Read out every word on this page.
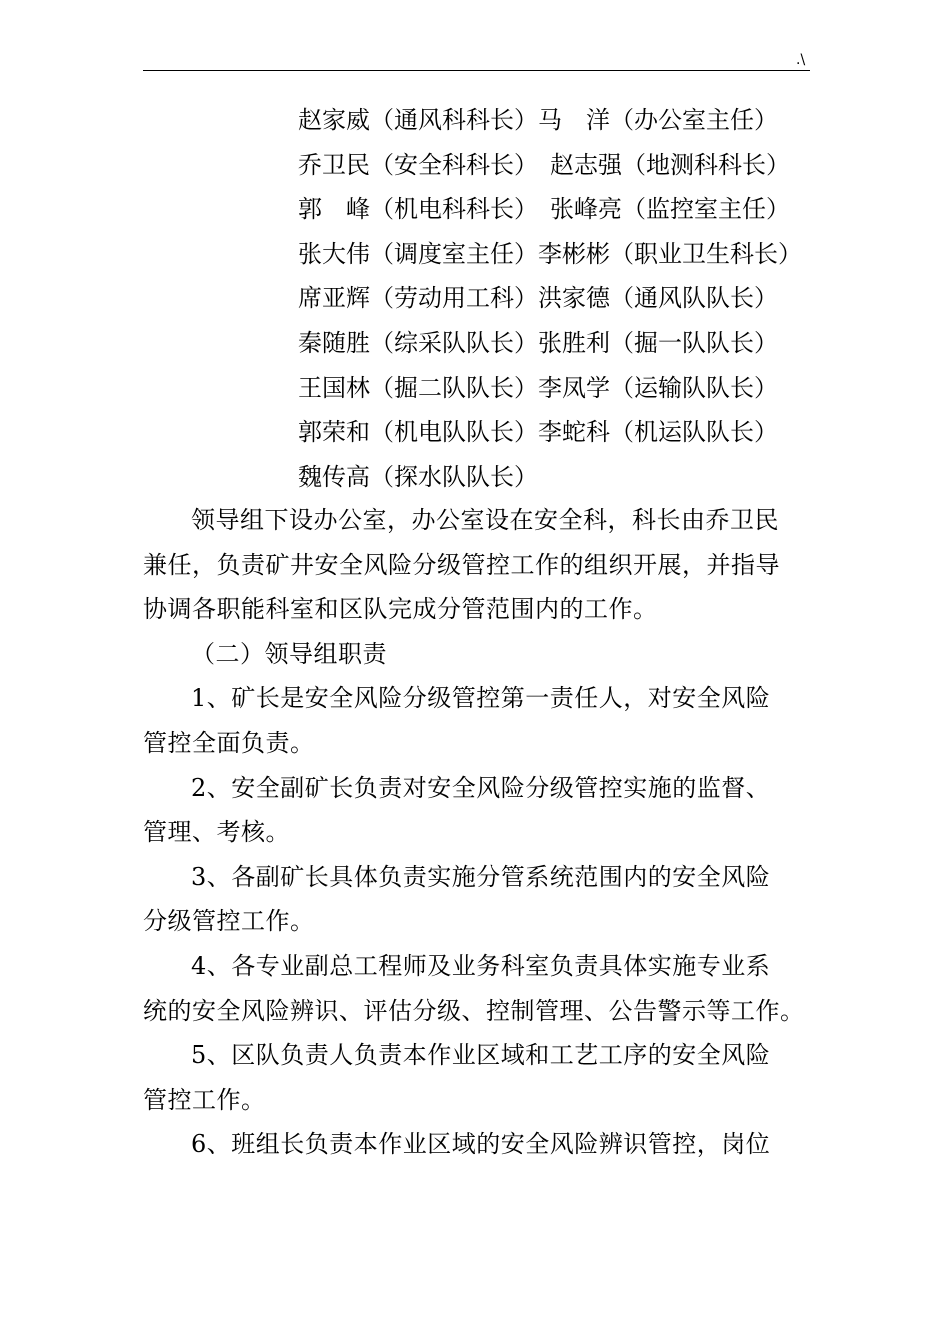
.\
赵家威（通风科科长）马　洋（办公室主任）
乔卫民（安全科科长）　赵志强（地测科科长）
郭　峰（机电科科长）　张峰亮（监控室主任）
张大伟（调度室主任）李彬彬（职业卫生科长）
席亚辉（劳动用工科）洪家德（通风队队长）
秦随胜（综采队队长）张胜利（掘一队队长）
王国林（掘二队队长）李凤学（运输队队长）
郭荣和（机电队队长）李蛇科（机运队队长）
魏传高（探水队队长）

领导组下设办公室，办公室设在安全科，科长由乔卫民

兼任，负责矿井安全风险分级管控工作的组织开展，并指导

协调各职能科室和区队完成分管范围内的工作。

（二）领导组职责

1、矿长是安全风险分级管控第一责任人，对安全风险

管控全面负责。

2、安全副矿长负责对安全风险分级管控实施的监督、

管理、考核。

3、各副矿长具体负责实施分管系统范围内的安全风险

分级管控工作。

4、各专业副总工程师及业务科室负责具体实施专业系

统的安全风险辨识、评估分级、控制管理、公告警示等工作。

5、区队负责人负责本作业区域和工艺工序的安全风险

管控工作。

6、班组长负责本作业区域的安全风险辨识管控，岗位
